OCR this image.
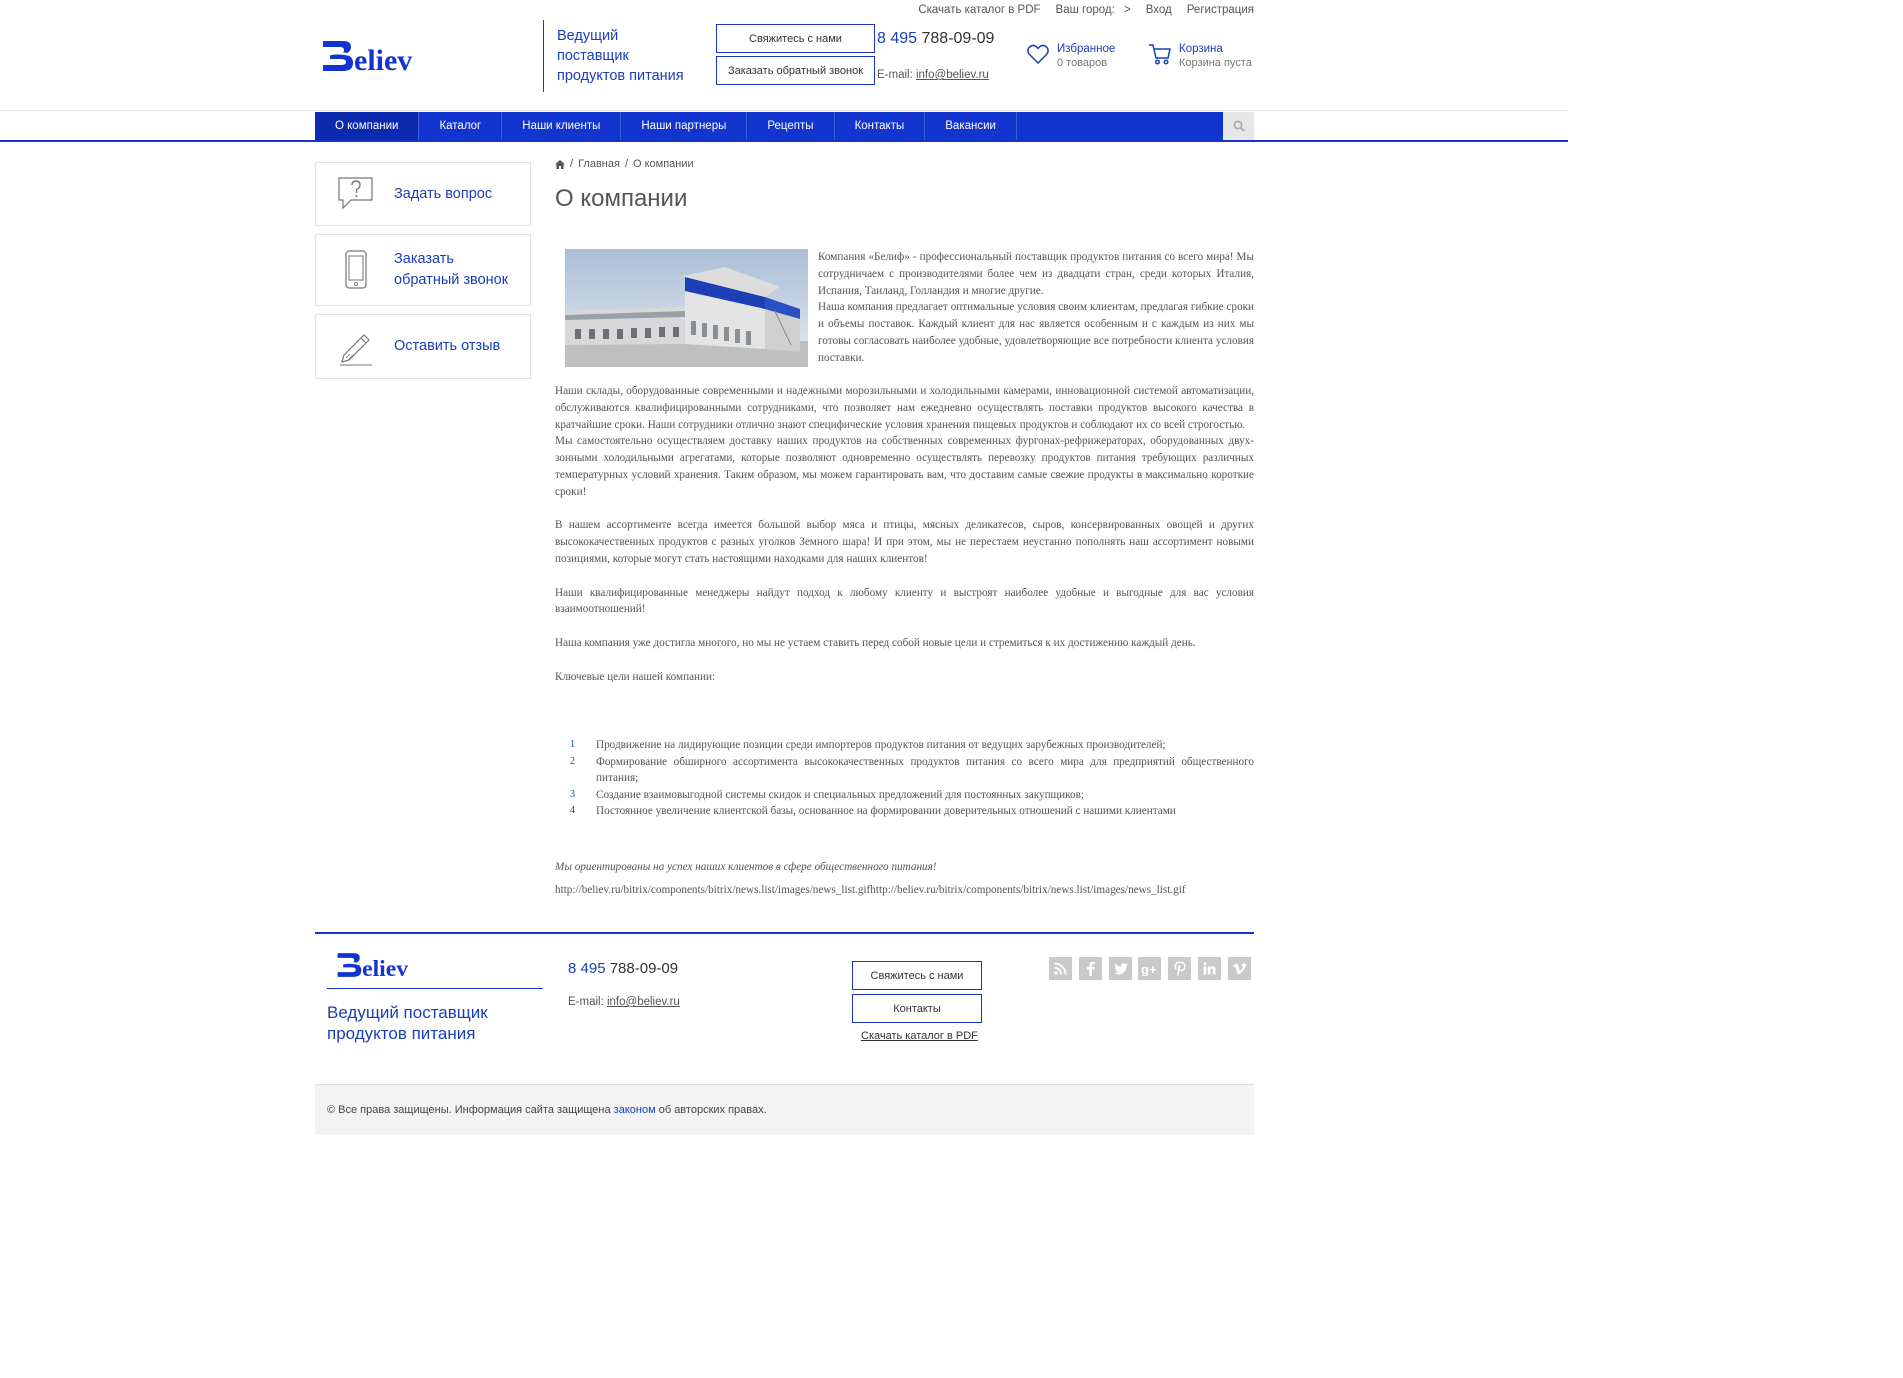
Скачать каталог в PDF Ваш город: > Вход Регистрация
eliev
Ведущий
поставщик
продуктов питания
Свяжитесь с нами
Заказать обратный звонок
8 495 788-09-09
E-mail: info@believ.ru
Избранное
0 товаров
Корзина
Корзина пуста
О компании	Каталог	Наши клиенты	Наши партнеры	Рецепты	Контакты	Вакансии
Задать вопрос
Заказать
обратный звонок
Оставить отзыв
/ Главная / О компании
О компании
Компания «Белиф» - профессиональный поставщик продуктов питания со всего мира! Мы сотрудничаем с производителями более чем из двадцати стран, среди которых Италия, Испания, Таиланд, Голландия и многие другие.
Наша компания предлагает оптимальные условия своим клиентам, предлагая гибкие сроки и объемы поставок. Каждый клиент для нас является особенным и с каждым из них мы готовы согласовать наиболее удобные, удовлетворяющие все потребности клиента условия поставки.
Наши склады, оборудованные современными и надежными морозильными и холодильными камерами, инновационной системой автоматизации, обслуживаются квалифицированными сотрудниками, что позволяет нам ежедневно осуществлять поставки продуктов высокого качества в кратчайшие сроки. Наши сотрудники отлично знают специфические условия хранения пищевых продуктов и соблюдают их со всей строгостью.
Мы самостоятельно осуществляем доставку наших продуктов на собственных современных фургонах-рефрижераторах, оборудованных двух-зонными холодильными агрегатами, которые позволяют одновременно осуществлять перевозку продуктов питания требующих различных температурных условий хранения. Таким образом, мы можем гарантировать вам, что доставим самые свежие продукты в максимально короткие сроки!
В нашем ассортименте всегда имеется большой выбор мяса и птицы, мясных деликатесов, сыров, консервированных овощей и других высококачественных продуктов с разных уголков Земного шара! И при этом, мы не перестаем неустанно пополнять наш ассортимент новыми позициями, которые могут стать настоящими находками для наших клиентов!
Наши квалифицированные менеджеры найдут подход к любому клиенту и выстроят наиболее удобные и выгодные для вас условия взаимоотношений!
Наша компания уже достигла многого, но мы не устаем ставить перед собой новые цели и стремиться к их достижению каждый день.
Ключевые цели нашей компании:
1	Продвижение на лидирующие позиции среди импортеров продуктов питания от ведущих зарубежных производителей;
2	Формирование обширного ассортимента высококачественных продуктов питания со всего мира для предприятий общественного питания;
3	Создание взаимовыгодной системы скидок и специальных предложений для постоянных закупщиков;
4	Постоянное увеличение клиентской базы, основанное на формировании доверительных отношений с нашими клиентами
Мы ориентированы на успех наших клиентов в сфере общественного питания!
http://believ.ru/bitrix/components/bitrix/news.list/images/news_list.gifhttp://believ.ru/bitrix/components/bitrix/news.list/images/news_list.gif
eliev
Ведущий поставщик
продуктов питания
8 495 788-09-09
E-mail: info@believ.ru
Свяжитесь с нами
Контакты
Скачать каталог в PDF
g+
© Все права защищены. Информация сайта защищена законом об авторских правах.
